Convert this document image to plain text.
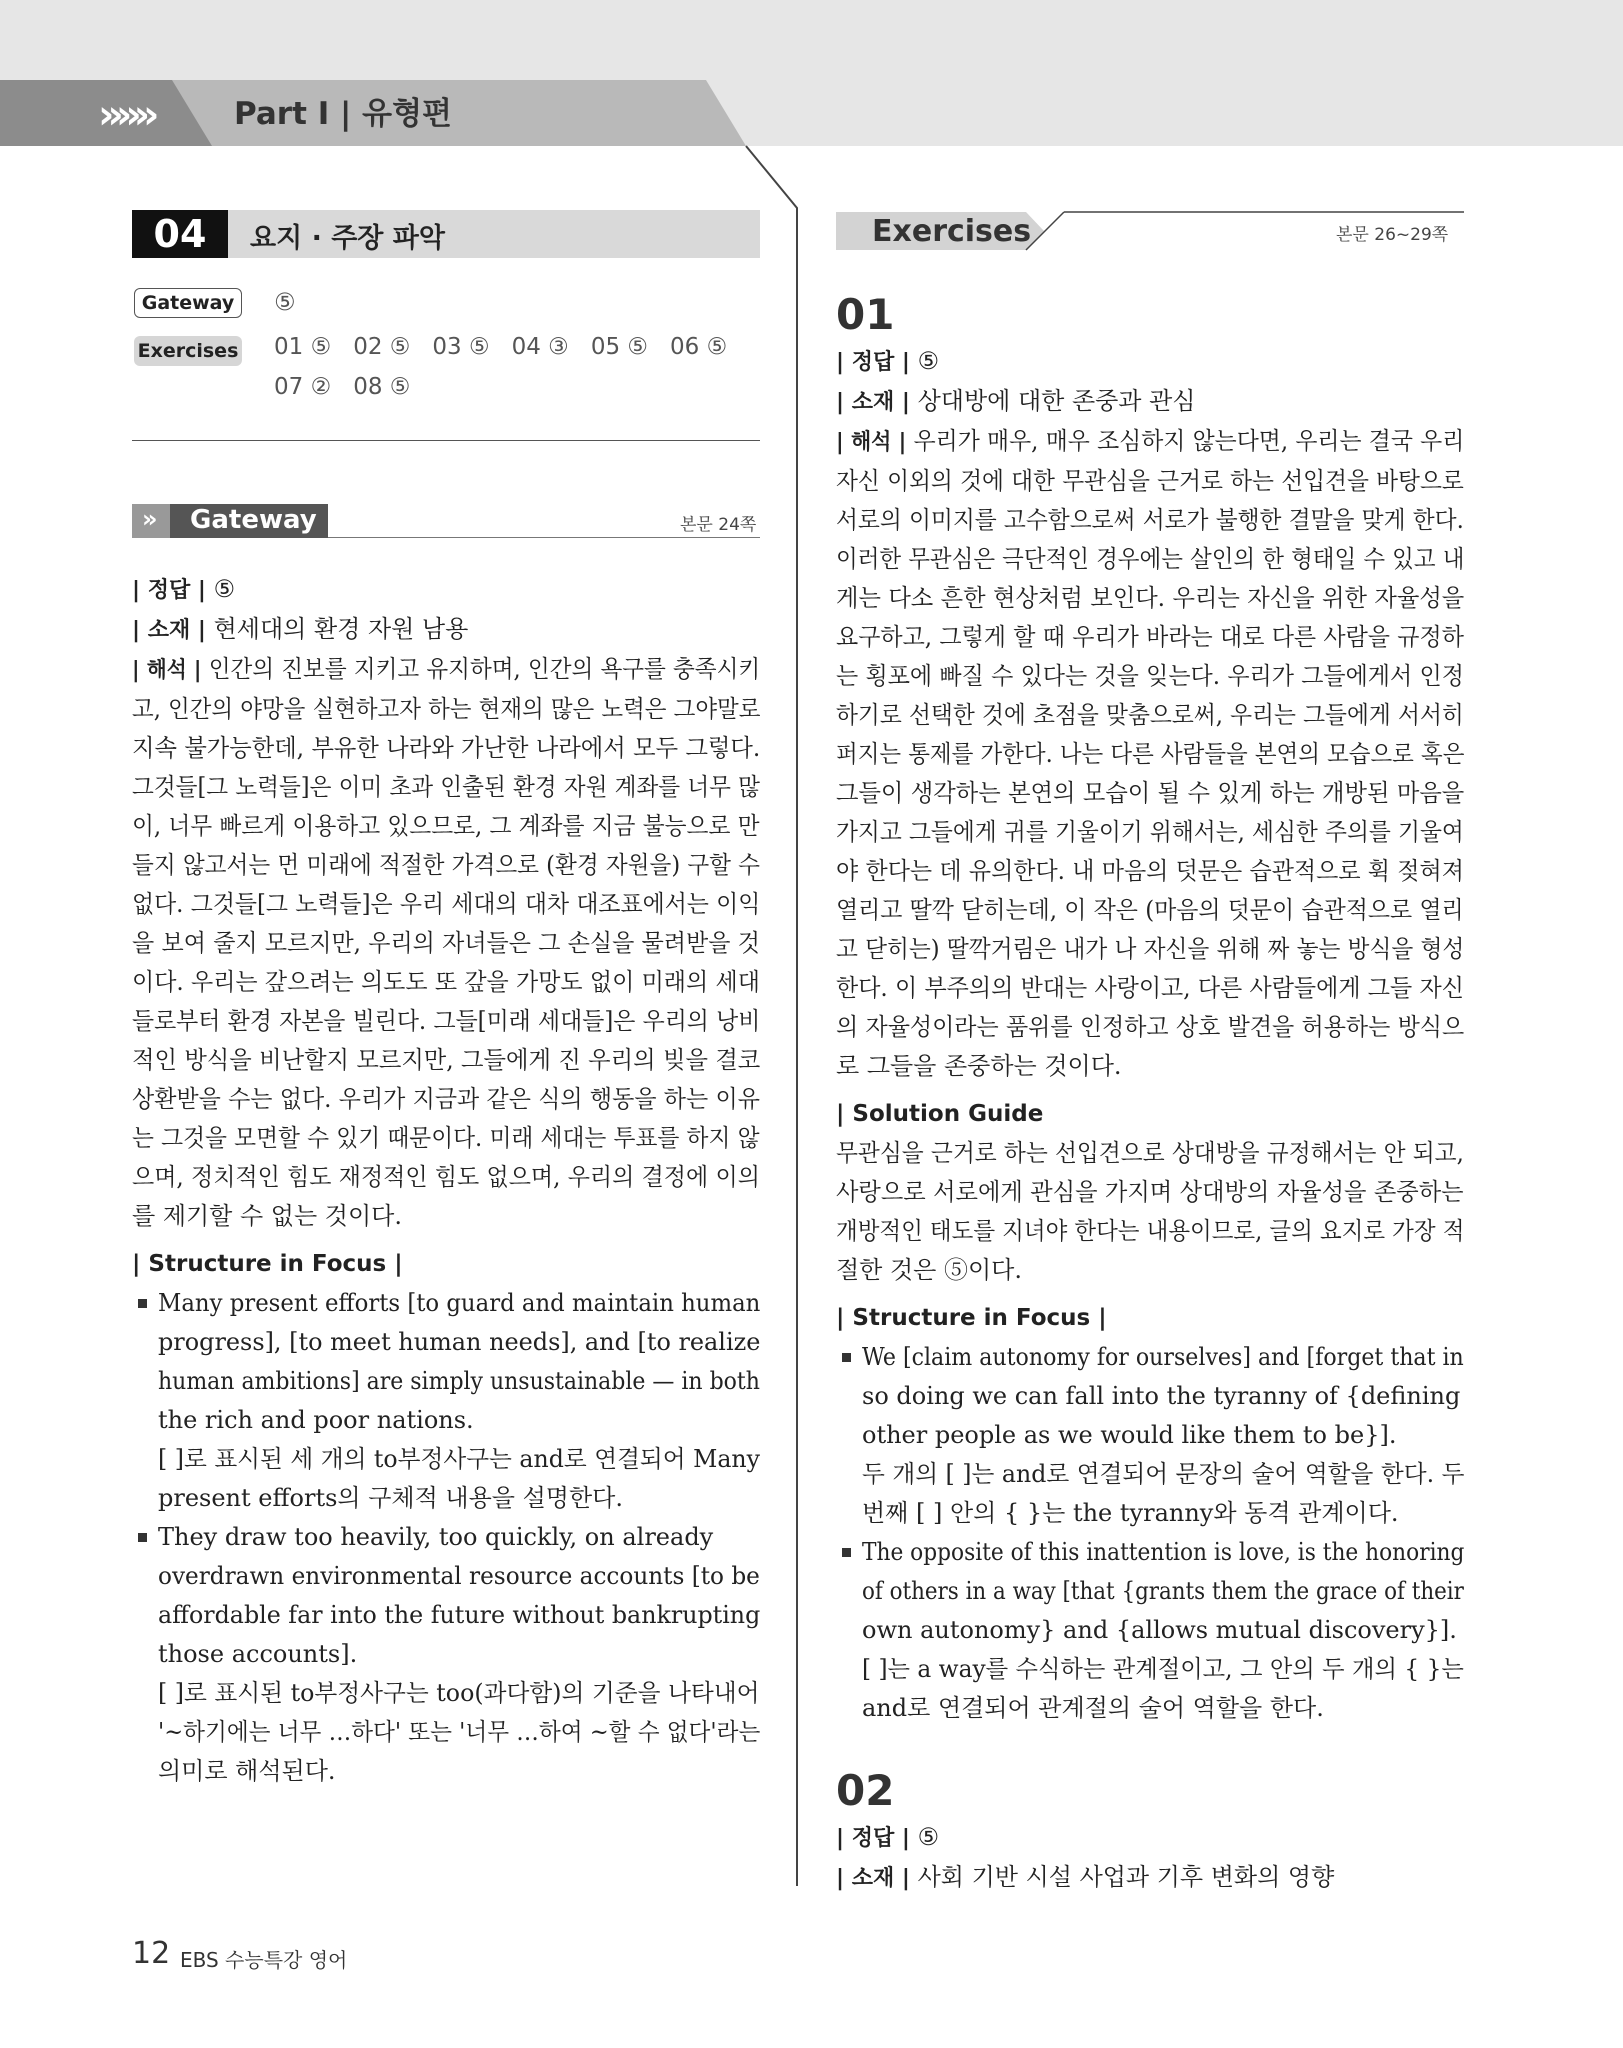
»»»	Part Ⅰ | 유형편
04	요지 · 주장 파악
Gateway	⑤
Exercises 01 ⑤ 02 ⑤ 03 ⑤ 04 ③ 05 ⑤ 06 ⑤
07 ② 08 ⑤
» Gateway	본문 24쪽
| 정답 | ⑤
| 소재 | 현세대의 환경 자원 남용
| 해석 | 인간의 진보를 지키고 유지하며, 인간의 욕구를 충족시키
고, 인간의 야망을 실현하고자 하는 현재의 많은 노력은 그야말로
지속 불가능한데, 부유한 나라와 가난한 나라에서 모두 그렇다.
그것들[그 노력들]은 이미 초과 인출된 환경 자원 계좌를 너무 많
이, 너무 빠르게 이용하고 있으므로, 그 계좌를 지금 불능으로 만
들지 않고서는 먼 미래에 적절한 가격으로 (환경 자원을) 구할 수
없다. 그것들[그 노력들]은 우리 세대의 대차 대조표에서는 이익
을 보여 줄지 모르지만, 우리의 자녀들은 그 손실을 물려받을 것
이다. 우리는 갚으려는 의도도 또 갚을 가망도 없이 미래의 세대
들로부터 환경 자본을 빌린다. 그들[미래 세대들]은 우리의 낭비
적인 방식을 비난할지 모르지만, 그들에게 진 우리의 빚을 결코
상환받을 수는 없다. 우리가 지금과 같은 식의 행동을 하는 이유
는 그것을 모면할 수 있기 때문이다. 미래 세대는 투표를 하지 않
으며, 정치적인 힘도 재정적인 힘도 없으며, 우리의 결정에 이의
를 제기할 수 없는 것이다.
| Structure in Focus |
Many present efforts [to guard and maintain human
progress], [to meet human needs], and [to realize
human ambitions] are simply unsustainable — in both
the rich and poor nations.
[ ]로 표시된 세 개의 to부정사구는 and로 연결되어 Many
present efforts의 구체적 내용을 설명한다.
They draw too heavily, too quickly, on already
overdrawn environmental resource accounts [to be
affordable far into the future without bankrupting
those accounts].
[ ]로 표시된 to부정사구는 too(과다함)의 기준을 나타내어
'~하기에는 너무 …하다' 또는 '너무 …하여 ~할 수 없다'라는
의미로 해석된다.
Exercises	본문 26~29쪽
01
| 정답 | ⑤
| 소재 | 상대방에 대한 존중과 관심
| 해석 | 우리가 매우, 매우 조심하지 않는다면, 우리는 결국 우리
자신 이외의 것에 대한 무관심을 근거로 하는 선입견을 바탕으로
서로의 이미지를 고수함으로써 서로가 불행한 결말을 맞게 한다.
이러한 무관심은 극단적인 경우에는 살인의 한 형태일 수 있고 내
게는 다소 흔한 현상처럼 보인다. 우리는 자신을 위한 자율성을
요구하고, 그렇게 할 때 우리가 바라는 대로 다른 사람을 규정하
는 횡포에 빠질 수 있다는 것을 잊는다. 우리가 그들에게서 인정
하기로 선택한 것에 초점을 맞춤으로써, 우리는 그들에게 서서히
퍼지는 통제를 가한다. 나는 다른 사람들을 본연의 모습으로 혹은
그들이 생각하는 본연의 모습이 될 수 있게 하는 개방된 마음을
가지고 그들에게 귀를 기울이기 위해서는, 세심한 주의를 기울여
야 한다는 데 유의한다. 내 마음의 덧문은 습관적으로 휙 젖혀져
열리고 딸깍 닫히는데, 이 작은 (마음의 덧문이 습관적으로 열리
고 닫히는) 딸깍거림은 내가 나 자신을 위해 짜 놓는 방식을 형성
한다. 이 부주의의 반대는 사랑이고, 다른 사람들에게 그들 자신
의 자율성이라는 품위를 인정하고 상호 발견을 허용하는 방식으
로 그들을 존중하는 것이다.
| Solution Guide
무관심을 근거로 하는 선입견으로 상대방을 규정해서는 안 되고,
사랑으로 서로에게 관심을 가지며 상대방의 자율성을 존중하는
개방적인 태도를 지녀야 한다는 내용이므로, 글의 요지로 가장 적
절한 것은 ⑤이다.
| Structure in Focus |
We [claim autonomy for ourselves] and [forget that in
so doing we can fall into the tyranny of {defining
other people as we would like them to be}].
두 개의 [ ]는 and로 연결되어 문장의 술어 역할을 한다. 두
번째 [ ] 안의 { }는 the tyranny와 동격 관계이다.
The opposite of this inattention is love, is the honoring
of others in a way [that {grants them the grace of their
own autonomy} and {allows mutual discovery}].
[ ]는 a way를 수식하는 관계절이고, 그 안의 두 개의 { }는
and로 연결되어 관계절의 술어 역할을 한다.
02
| 정답 | ⑤
| 소재 | 사회 기반 시설 사업과 기후 변화의 영향
12 EBS 수능특강 영어
